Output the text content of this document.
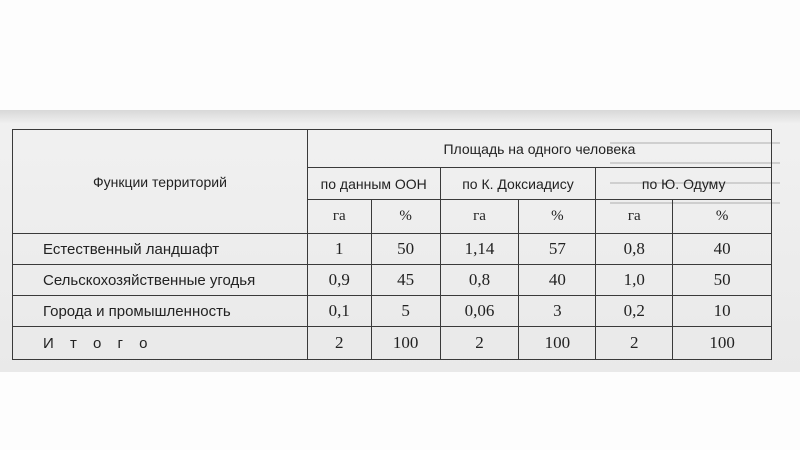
Функции территорий	Площадь на одного человека					
	по данным ООН		по К. Доксиадису		по Ю. Одуму	
	га	%	га	%	га	%
Естественный ландшафт	1	50	1,14	57	0,8	40
Сельскохозяйственные угодья	0,9	45	0,8	40	1,0	50
Города и промышленность	0,1	5	0,06	3	0,2	10
И т о г о	2	100	2	100	2	100
